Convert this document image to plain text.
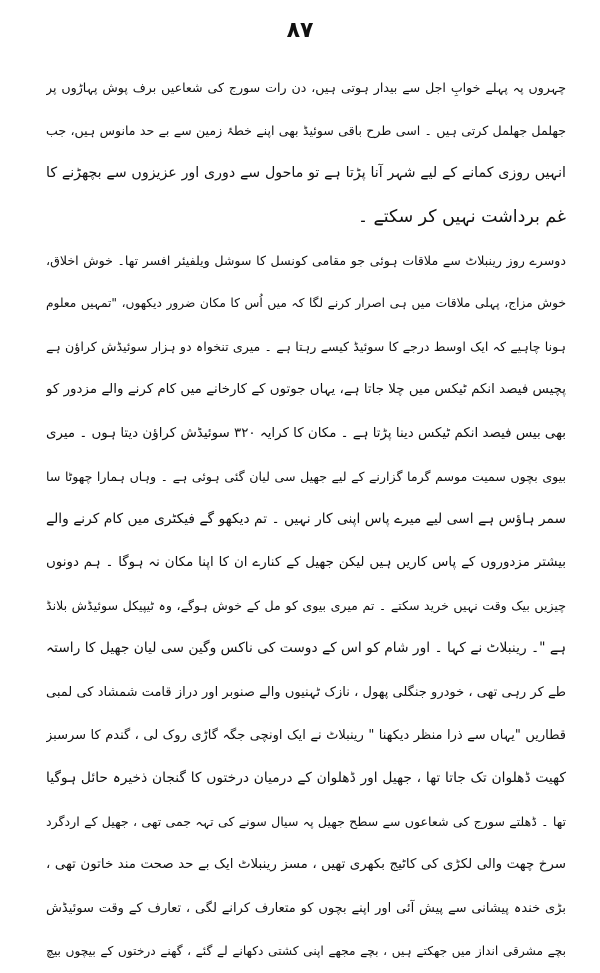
۸۷
چہروں پہ پہلے خوابِ اجل سے بیدار ہوتی ہیں، دن رات سورج کی شعاعیں برف پوش پہاڑوں پر
جھلمل جھلمل کرتی ہیں ۔ اسی طرح باقی سوئیڈ بھی اپنے خطۂ زمین سے بے حد مانوس ہیں، جب
انہیں روزی کمانے کے لیے شہر آنا پڑتا ہے تو ماحول سے دوری اور عزیزوں سے بچھڑنے کا
غم برداشت نہیں کر سکتے ۔
دوسرے روز رینبلاٹ سے ملاقات ہوئی جو مقامی کونسل کا سوشل ویلفیئر افسر تھا۔ خوش اخلاق،
خوش مزاج، پہلی ملاقات میں ہی اصرار کرنے لگا کہ میں اُس کا مکان ضرور دیکھوں، "تمہیں معلوم
ہونا چاہیے کہ ایک اوسط درجے کا سوئیڈ کیسے رہتا ہے ۔ میری تنخواہ دو ہزار سوئیڈش کراؤن ہے
پچیس فیصد انکم ٹیکس میں چلا جاتا ہے، یہاں جوتوں کے کارخانے میں کام کرنے والے مزدور کو
بھی بیس فیصد انکم ٹیکس دینا پڑتا ہے ۔ مکان کا کرایہ ۳۲۰ سوئیڈش کراؤن دیتا ہوں ۔ میری
بیوی بچوں سمیت موسم گرما گزارنے کے لیے جھیل سی لیان گئی ہوئی ہے ۔ وہاں ہمارا چھوٹا سا
سمر ہاؤس ہے اسی لیے میرے پاس اپنی کار نہیں ۔ تم دیکھو گے فیکٹری میں کام کرنے والے
بیشتر مزدوروں کے پاس کاریں ہیں لیکن جھیل کے کنارے ان کا اپنا مکان نہ ہوگا ۔ ہم دونوں
چیزیں بیک وقت نہیں خرید سکتے ۔ تم میری بیوی کو مل کے خوش ہوگے، وہ ٹیپیکل سوئیڈش بلانڈ
ہے "۔ رینبلاٹ نے کہا ۔ اور شام کو اس کے دوست کی ناکس وگین سی لیان جھیل کا راستہ
طے کر رہی تھی ، خودرو جنگلی پھول ، نازک ٹہنیوں والے صنوبر اور دراز قامت شمشاد کی لمبی
قطاریں "یہاں سے ذرا منظر دیکھنا " رینبلاٹ نے ایک اونچی جگہ گاڑی روک لی ، گندم کا سرسبز
کھیت ڈھلوان تک جاتا تھا ، جھیل اور ڈھلوان کے درمیان درختوں کا گنجان ذخیرہ حائل ہوگیا
تھا ۔ ڈھلتے سورج کی شعاعوں سے سطح جھیل پہ سیال سونے کی تہہ جمی تھی ، جھیل کے اردگرد
سرخ چھت والی لکڑی کی کاٹیج بکھری تھیں ، مسز رینبلاٹ ایک بے حد صحت مند خاتون تھی ،
بڑی خندہ پیشانی سے پیش آئی اور اپنے بچوں کو متعارف کرانے لگی ، تعارف کے وقت سوئیڈش
بچے مشرقی انداز میں جھکتے ہیں ، بچے مجھے اپنی کشتی دکھانے لے گئے ، گھنے درختوں کے بیچوں بیچ
